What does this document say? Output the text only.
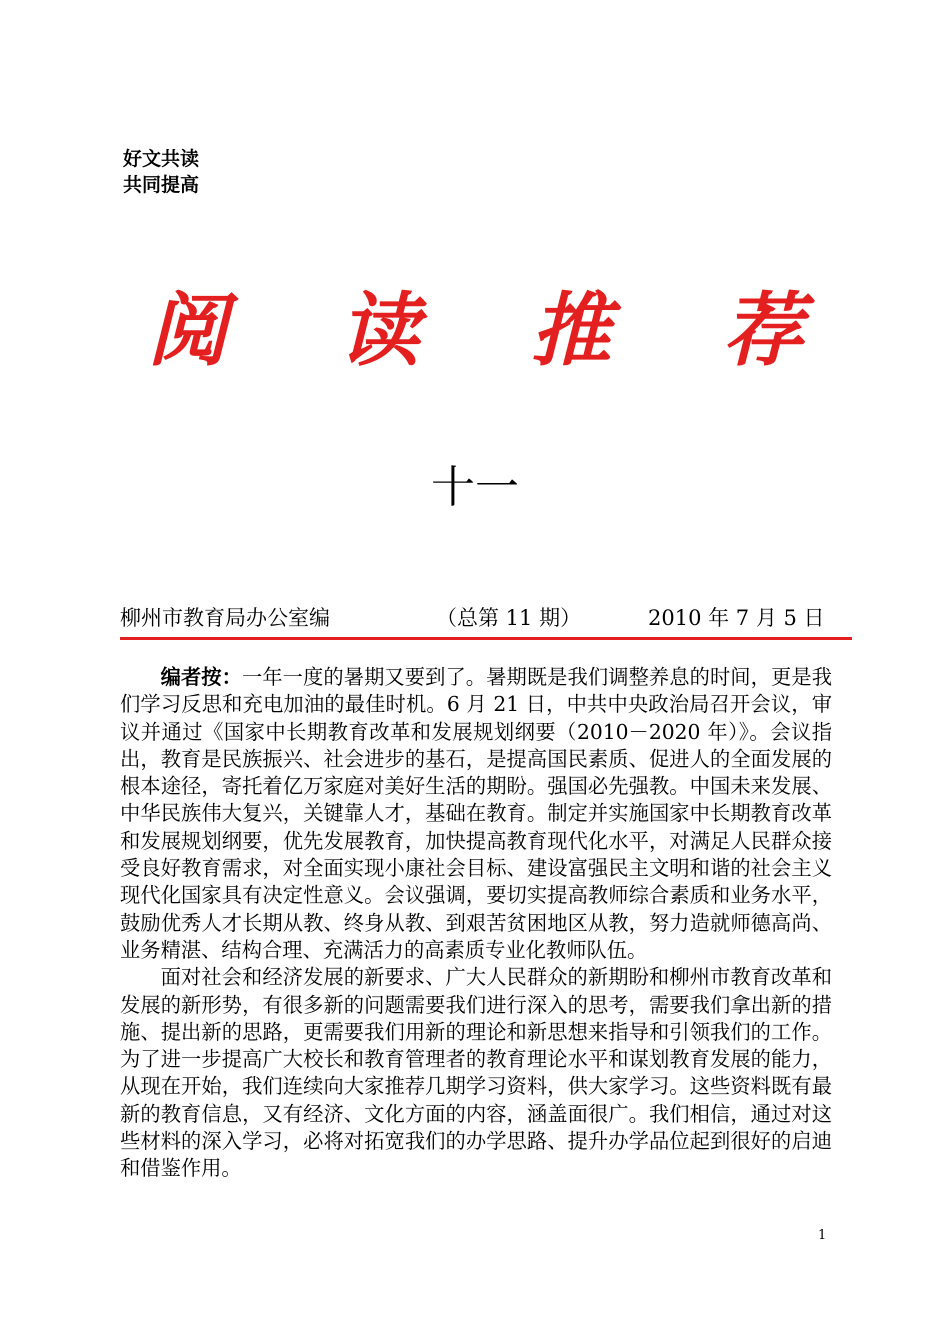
好文共读
共同提高
阅 读 推 荐
十一
柳州市教育局办公室编	（总第 11 期）	2010 年 7 月 5 日

编者按：一年一度的暑期又要到了。暑期既是我们调整养息的时间，更是我们学习反思和充电加油的最佳时机。6 月 21 日，中共中央政治局召开会议，审议并通过《国家中长期教育改革和发展规划纲要（2010－2020 年）》。会议指出，教育是民族振兴、社会进步的基石，是提高国民素质、促进人的全面发展的根本途径，寄托着亿万家庭对美好生活的期盼。强国必先强教。中国未来发展、中华民族伟大复兴，关键靠人才，基础在教育。制定并实施国家中长期教育改革和发展规划纲要，优先发展教育，加快提高教育现代化水平，对满足人民群众接受良好教育需求，对全面实现小康社会目标、建设富强民主文明和谐的社会主义现代化国家具有决定性意义。会议强调，要切实提高教师综合素质和业务水平，鼓励优秀人才长期从教、终身从教、到艰苦贫困地区从教，努力造就师德高尚、业务精湛、结构合理、充满活力的高素质专业化教师队伍。

面对社会和经济发展的新要求、广大人民群众的新期盼和柳州市教育改革和发展的新形势，有很多新的问题需要我们进行深入的思考，需要我们拿出新的措施、提出新的思路，更需要我们用新的理论和新思想来指导和引领我们的工作。为了进一步提高广大校长和教育管理者的教育理论水平和谋划教育发展的能力，从现在开始，我们连续向大家推荐几期学习资料，供大家学习。这些资料既有最新的教育信息，又有经济、文化方面的内容，涵盖面很广。我们相信，通过对这些材料的深入学习，必将对拓宽我们的办学思路、提升办学品位起到很好的启迪和借鉴作用。

1
